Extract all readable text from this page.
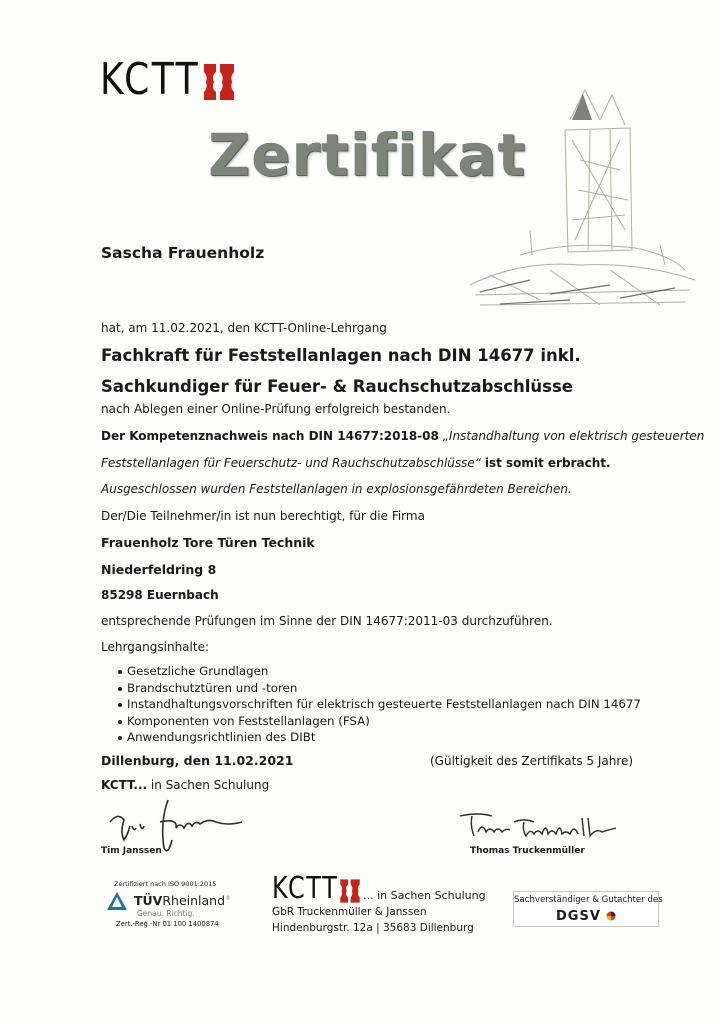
KCTT
Zertifikat
Sascha Frauenholz
hat, am 11.02.2021, den KCTT-Online-Lehrgang
Fachkraft für Feststellanlagen nach DIN 14677 inkl.
Sachkundiger für Feuer- & Rauchschutzabschlüsse
nach Ablegen einer Online-Prüfung erfolgreich bestanden.
Der Kompetenznachweis nach DIN 14677:2018-08 „Instandhaltung von elektrisch gesteuerten
Feststellanlagen für Feuerschutz- und Rauchschutzabschlüsse“ ist somit erbracht.
Ausgeschlossen wurden Feststellanlagen in explosionsgefährdeten Bereichen.
Der/Die Teilnehmer/in ist nun berechtigt, für die Firma
Frauenholz Tore Türen Technik
Niederfeldring 8
85298 Euernbach
entsprechende Prüfungen im Sinne der DIN 14677:2011-03 durchzuführen.
Lehrgangsinhalte:
Gesetzliche Grundlagen
Brandschutztüren und -toren
Instandhaltungsvorschriften für elektrisch gesteuerte Feststellanlagen nach DIN 14677
Komponenten von Feststellanlagen (FSA)
Anwendungsrichtlinien des DIBt
Dillenburg, den 11.02.2021	(Gültigkeit des Zertifikats 5 Jahre)
KCTT... in Sachen Schulung
Tim Janssen	Thomas Truckenmüller
Zertifiziert nach ISO 9001:2015
TÜVRheinland®
Genau. Richtig.
Zert.-Reg.-Nr 01 100 1400874
KCTT ... in Sachen Schulung
GbR Truckenmüller & Janssen
Hindenburgstr. 12a | 35683 Dillenburg
Sachverständiger & Gutachter des
DGSV
